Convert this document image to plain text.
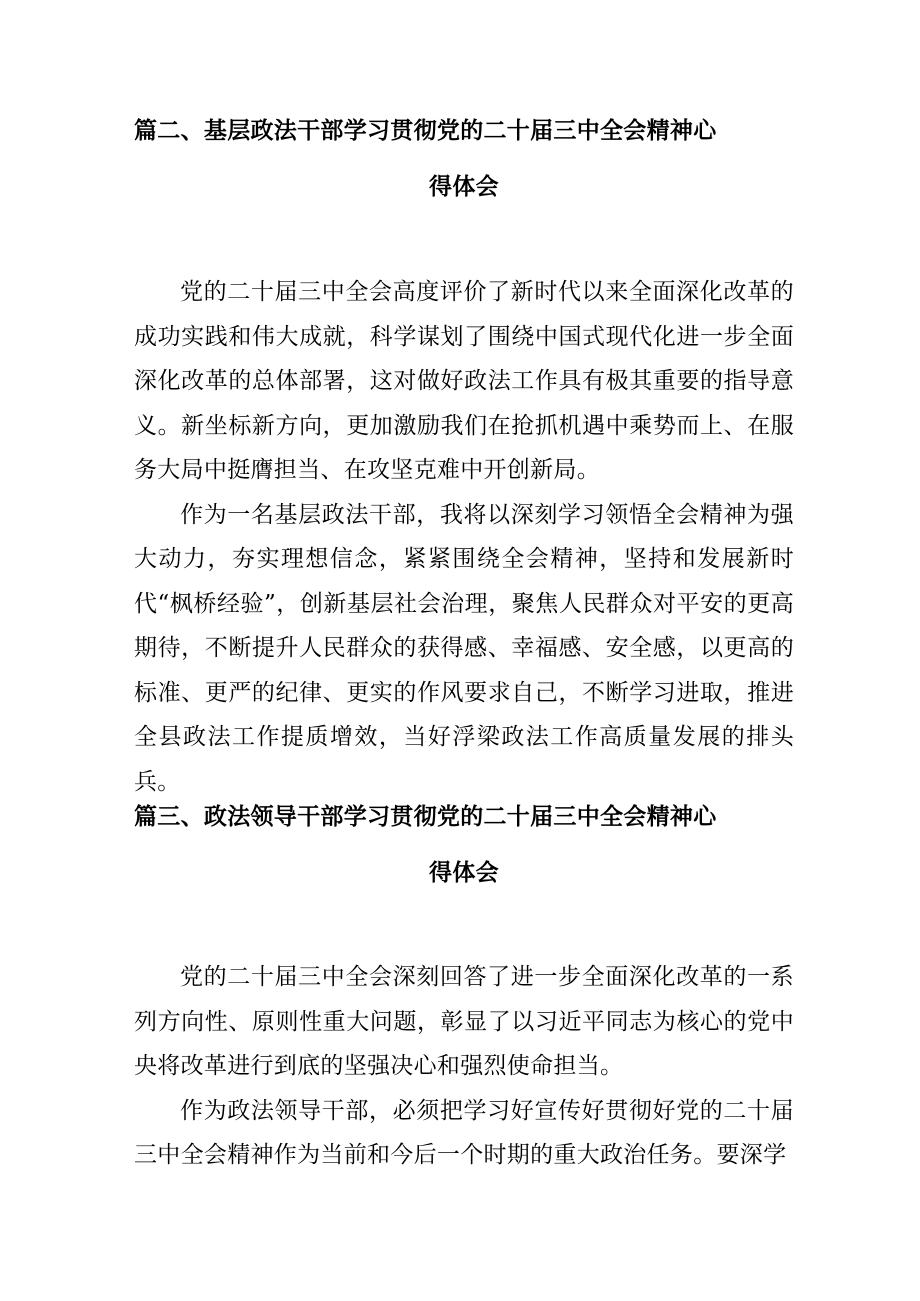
篇二、基层政法干部学习贯彻党的二十届三中全会精神心

得体会

党的二十届三中全会高度评价了新时代以来全面深化改革的成功实践和伟大成就，科学谋划了围绕中国式现代化进一步全面深化改革的总体部署，这对做好政法工作具有极其重要的指导意义。新坐标新方向，更加激励我们在抢抓机遇中乘势而上、在服务大局中挺膺担当、在攻坚克难中开创新局。

作为一名基层政法干部，我将以深刻学习领悟全会精神为强大动力，夯实理想信念，紧紧围绕全会精神，坚持和发展新时代“枫桥经验”，创新基层社会治理，聚焦人民群众对平安的更高期待，不断提升人民群众的获得感、幸福感、安全感，以更高的标准、更严的纪律、更实的作风要求自己，不断学习进取，推进全县政法工作提质增效，当好浮梁政法工作高质量发展的排头兵。

篇三、政法领导干部学习贯彻党的二十届三中全会精神心

得体会

党的二十届三中全会深刻回答了进一步全面深化改革的一系列方向性、原则性重大问题，彰显了以习近平同志为核心的党中央将改革进行到底的坚强决心和强烈使命担当。

作为政法领导干部，必须把学习好宣传好贯彻好党的二十届三中全会精神作为当前和今后一个时期的重大政治任务。要深学
